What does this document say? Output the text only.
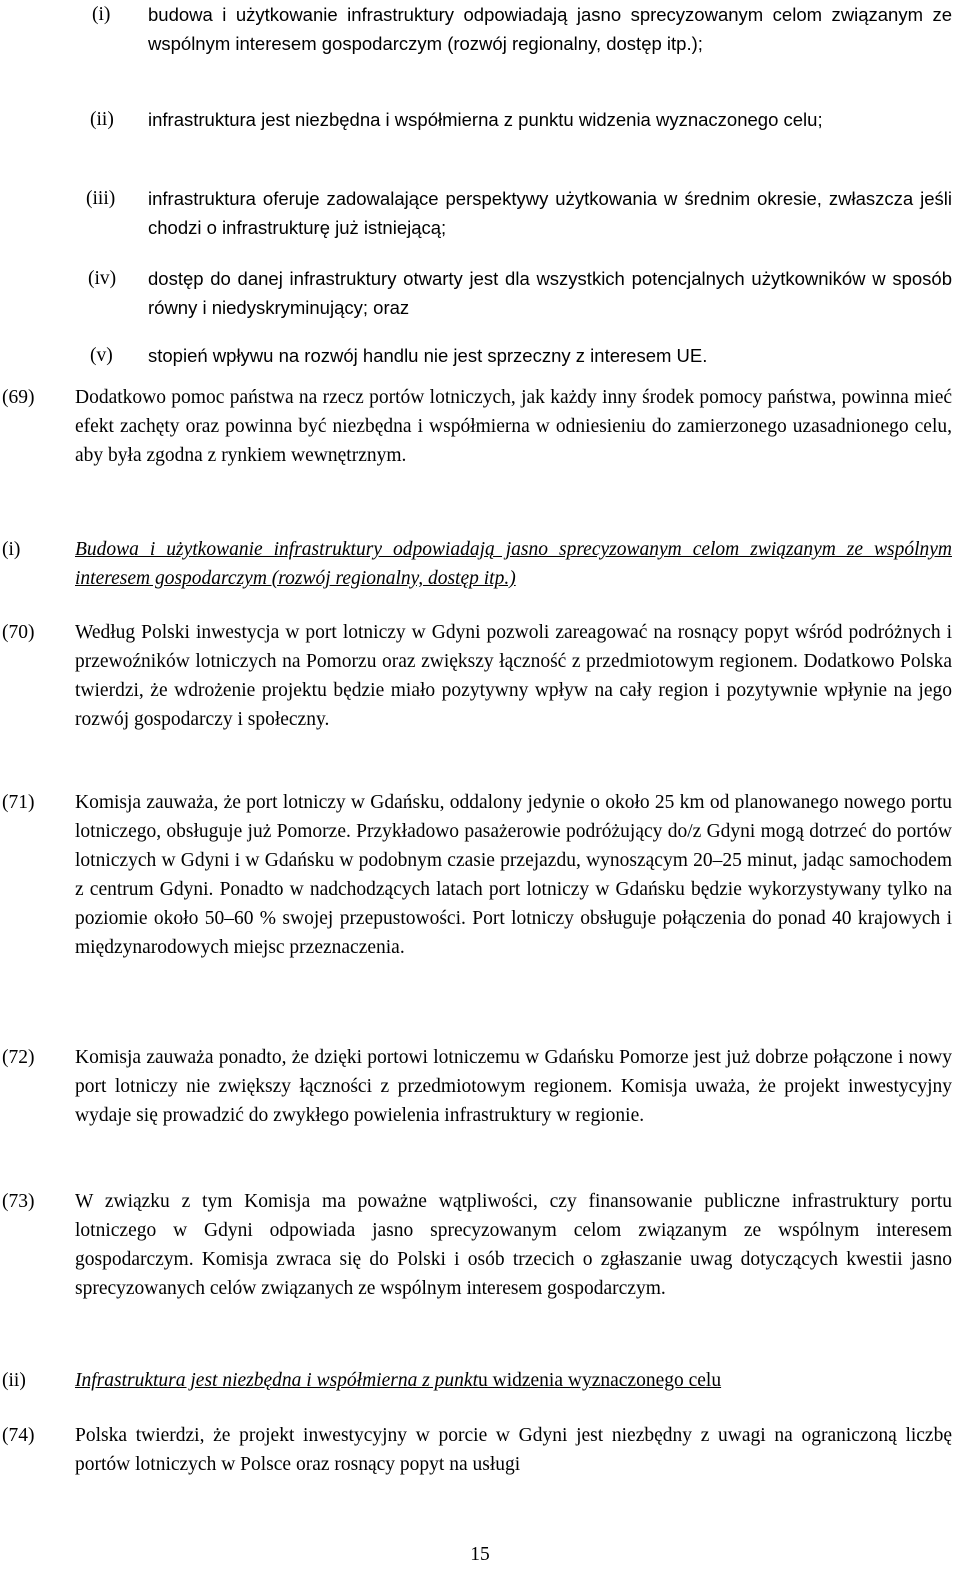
(i) budowa i użytkowanie infrastruktury odpowiadają jasno sprecyzowanym celom związanym ze wspólnym interesem gospodarczym (rozwój regionalny, dostęp itp.);
(ii) infrastruktura jest niezbędna i współmierna z punktu widzenia wyznaczonego celu;
(iii) infrastruktura oferuje zadowalające perspektywy użytkowania w średnim okresie, zwłaszcza jeśli chodzi o infrastrukturę już istniejącą;
(iv) dostęp do danej infrastruktury otwarty jest dla wszystkich potencjalnych użytkowników w sposób równy i niedyskryminujący; oraz
(v) stopień wpływu na rozwój handlu nie jest sprzeczny z interesem UE.
(69) Dodatkowo pomoc państwa na rzecz portów lotniczych, jak każdy inny środek pomocy państwa, powinna mieć efekt zachęty oraz powinna być niezbędna i współmierna w odniesieniu do zamierzonego uzasadnionego celu, aby była zgodna z rynkiem wewnętrznym.
(i)	Budowa i użytkowanie infrastruktury odpowiadają jasno sprecyzowanym celom związanym ze wspólnym interesem gospodarczym (rozwój regionalny, dostęp itp.)
(70) Według Polski inwestycja w port lotniczy w Gdyni pozwoli zareagować na rosnący popyt wśród podróżnych i przewoźników lotniczych na Pomorzu oraz zwiększy łączność z przedmiotowym regionem. Dodatkowo Polska twierdzi, że wdrożenie projektu będzie miało pozytywny wpływ na cały region i pozytywnie wpłynie na jego rozwój gospodarczy i społeczny.
(71) Komisja zauważa, że port lotniczy w Gdańsku, oddalony jedynie o około 25 km od planowanego nowego portu lotniczego, obsługuje już Pomorze. Przykładowo pasażerowie podróżujący do/z Gdyni mogą dotrzeć do portów lotniczych w Gdyni i w Gdańsku w podobnym czasie przejazdu, wynoszącym 20–25 minut, jadąc samochodem z centrum Gdyni. Ponadto w nadchodzących latach port lotniczy w Gdańsku będzie wykorzystywany tylko na poziomie około 50–60 % swojej przepustowości. Port lotniczy obsługuje połączenia do ponad 40 krajowych i międzynarodowych miejsc przeznaczenia.
(72) Komisja zauważa ponadto, że dzięki portowi lotniczemu w Gdańsku Pomorze jest już dobrze połączone i nowy port lotniczy nie zwiększy łączności z przedmiotowym regionem. Komisja uważa, że projekt inwestycyjny wydaje się prowadzić do zwykłego powielenia infrastruktury w regionie.
(73) W związku z tym Komisja ma poważne wątpliwości, czy finansowanie publiczne infrastruktury portu lotniczego w Gdyni odpowiada jasno sprecyzowanym celom związanym ze wspólnym interesem gospodarczym. Komisja zwraca się do Polski i osób trzecich o zgłaszanie uwag dotyczących kwestii jasno sprecyzowanych celów związanych ze wspólnym interesem gospodarczym.
(ii)	Infrastruktura jest niezbędna i współmierna z punktu widzenia wyznaczonego celu
(74) Polska twierdzi, że projekt inwestycyjny w porcie w Gdyni jest niezbędny z uwagi na ograniczoną liczbę portów lotniczych w Polsce oraz rosnący popyt na usługi
15
